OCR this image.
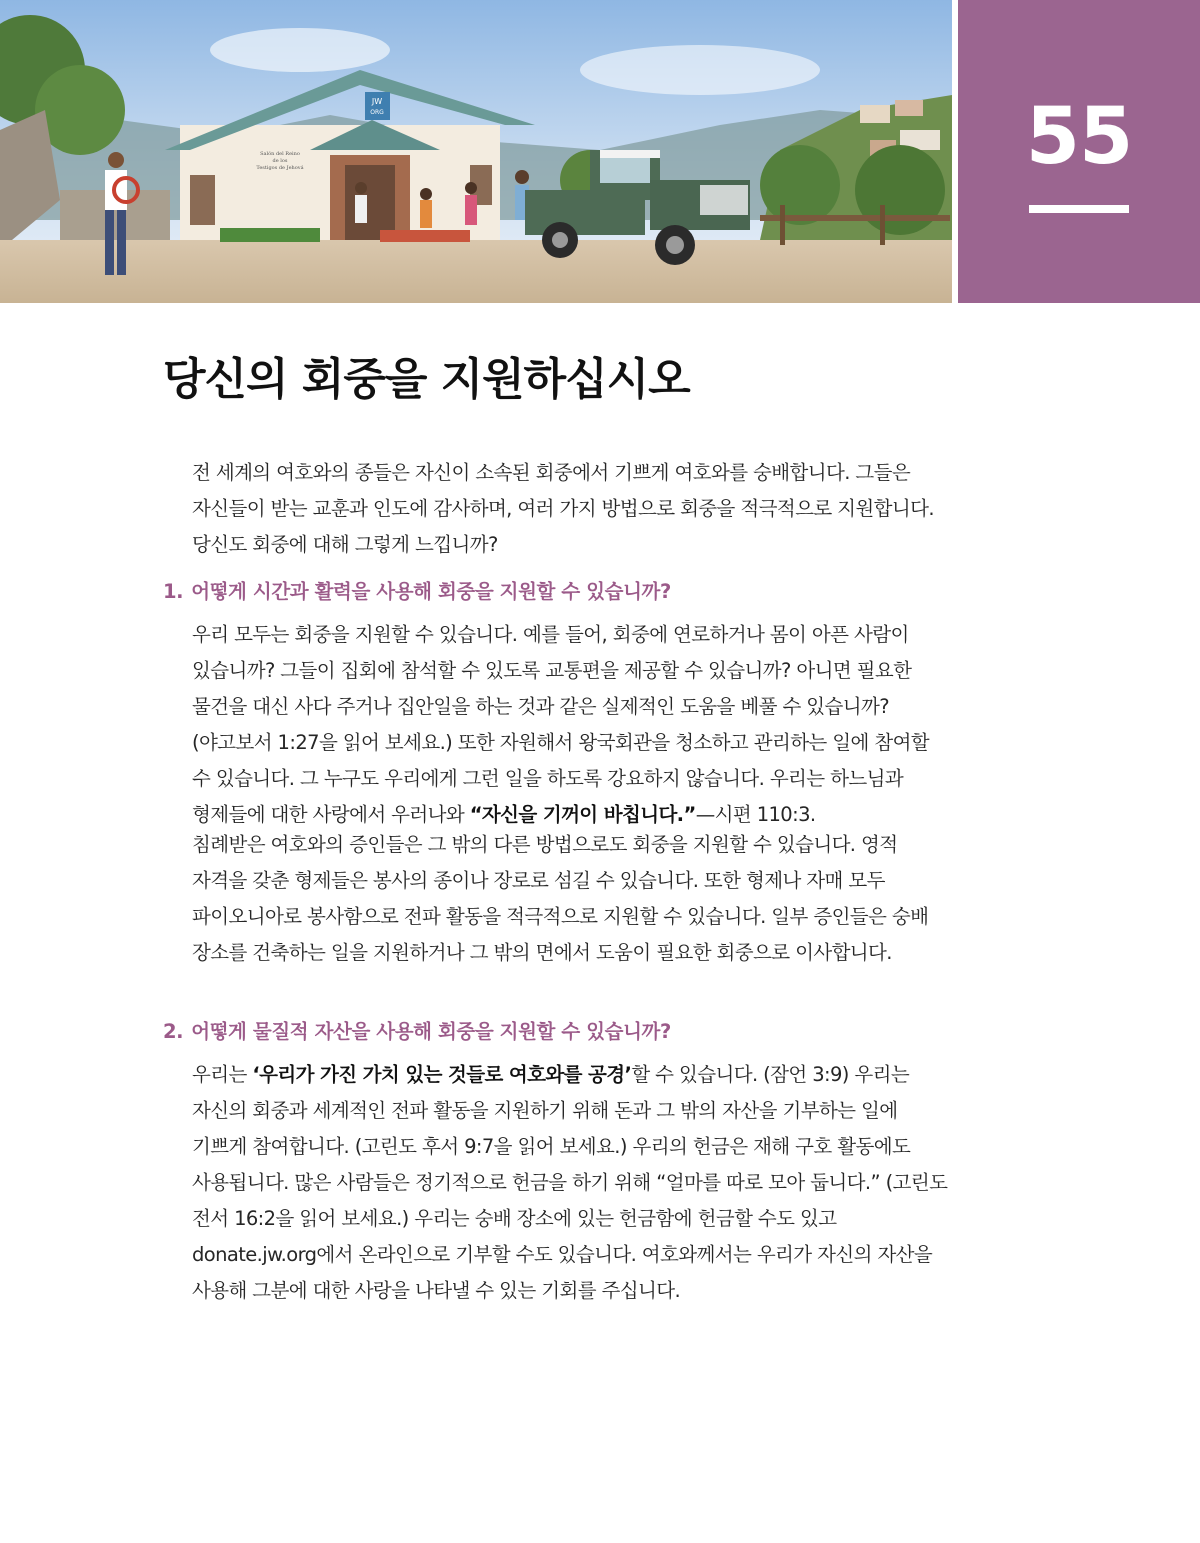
JW
ORG
Salón del Reino
de los
Testigos de Jehová	55
당신의 회중을 지원하십시오

전 세계의 여호와의 종들은 자신이 소속된 회중에서 기쁘게 여호와를 숭배합니다. 그들은 자신들이 받는 교훈과 인도에 감사하며, 여러 가지 방법으로 회중을 적극적으로 지원합니다. 당신도 회중에 대해 그렇게 느낍니까?

1. 어떻게 시간과 활력을 사용해 회중을 지원할 수 있습니까?

우리 모두는 회중을 지원할 수 있습니다. 예를 들어, 회중에 연로하거나 몸이 아픈 사람이 있습니까? 그들이 집회에 참석할 수 있도록 교통편을 제공할 수 있습니까? 아니면 필요한 물건을 대신 사다 주거나 집안일을 하는 것과 같은 실제적인 도움을 베풀 수 있습니까? (야고보서 1:27을 읽어 보세요.) 또한 자원해서 왕국회관을 청소하고 관리하는 일에 참여할 수 있습니다. 그 누구도 우리에게 그런 일을 하도록 강요하지 않습니다. 우리는 하느님과 형제들에 대한 사랑에서 우러나와 “자신을 기꺼이 바칩니다.”—시편 110:3.

침례받은 여호와의 증인들은 그 밖의 다른 방법으로도 회중을 지원할 수 있습니다. 영적 자격을 갖춘 형제들은 봉사의 종이나 장로로 섬길 수 있습니다. 또한 형제나 자매 모두 파이오니아로 봉사함으로 전파 활동을 적극적으로 지원할 수 있습니다. 일부 증인들은 숭배 장소를 건축하는 일을 지원하거나 그 밖의 면에서 도움이 필요한 회중으로 이사합니다.

2. 어떻게 물질적 자산을 사용해 회중을 지원할 수 있습니까?

우리는 ‘우리가 가진 가치 있는 것들로 여호와를 공경’할 수 있습니다. (잠언 3:9) 우리는 자신의 회중과 세계적인 전파 활동을 지원하기 위해 돈과 그 밖의 자산을 기부하는 일에 기쁘게 참여합니다. (고린도 후서 9:7을 읽어 보세요.) 우리의 헌금은 재해 구호 활동에도 사용됩니다. 많은 사람들은 정기적으로 헌금을 하기 위해 “얼마를 따로 모아 둡니다.” (고린도 전서 16:2을 읽어 보세요.) 우리는 숭배 장소에 있는 헌금함에 헌금할 수도 있고 donate.jw.org에서 온라인으로 기부할 수도 있습니다. 여호와께서는 우리가 자신의 자산을 사용해 그분에 대한 사랑을 나타낼 수 있는 기회를 주십니다.
